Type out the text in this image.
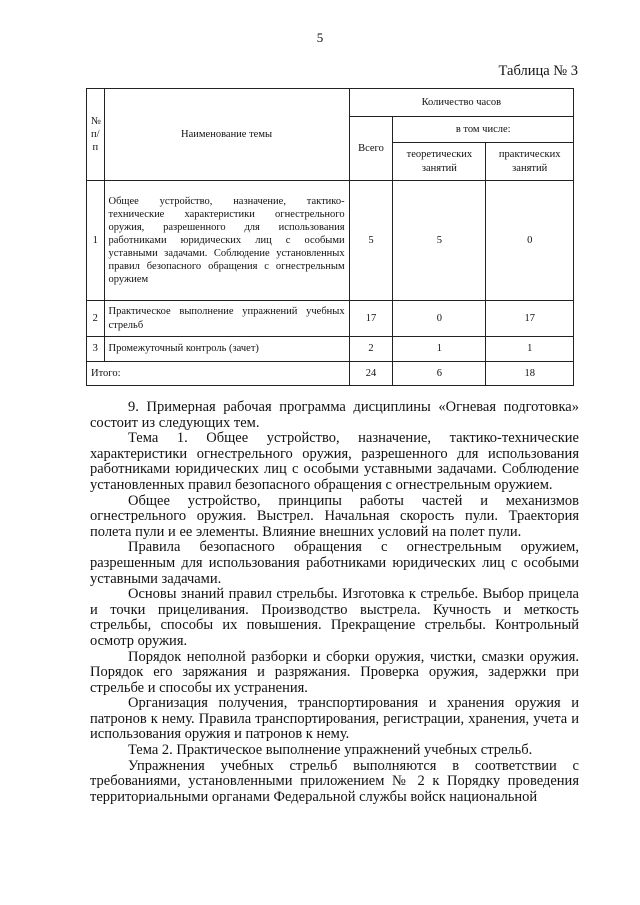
5
Таблица № 3
№ п/п	Наименование темы	Количество часов		
		Всего	в том числе:	
			теоретических занятий	практических занятий
1	Общее устройство, назначение, тактико-технические характеристики огнестрельного оружия, разрешенного для использования работниками юридических лиц с особыми уставными задачами. Соблюдение установленных правил безопасного обращения с огнестрельным оружием	5	5	0
2	Практическое выполнение упражнений учебных стрельб	17	0	17
3	Промежуточный контроль (зачет)	2	1	1
Итого:		24	6	18

9. Примерная рабочая программа дисциплины «Огневая подготовка» состоит из следующих тем.

Тема 1. Общее устройство, назначение, тактико-технические характеристики огнестрельного оружия, разрешенного для использования работниками юридических лиц с особыми уставными задачами. Соблюдение установленных правил безопасного обращения с огнестрельным оружием.

Общее устройство, принципы работы частей и механизмов огнестрельного оружия. Выстрел. Начальная скорость пули. Траектория полета пули и ее элементы. Влияние внешних условий на полет пули.

Правила безопасного обращения с огнестрельным оружием, разрешенным для использования работниками юридических лиц с особыми уставными задачами.

Основы знаний правил стрельбы. Изготовка к стрельбе. Выбор прицела и точки прицеливания. Производство выстрела. Кучность и меткость стрельбы, способы их повышения. Прекращение стрельбы. Контрольный осмотр оружия.

Порядок неполной разборки и сборки оружия, чистки, смазки оружия. Порядок его заряжания и разряжания. Проверка оружия, задержки при стрельбе и способы их устранения.

Организация получения, транспортирования и хранения оружия и патронов к нему. Правила транспортирования, регистрации, хранения, учета и использования оружия и патронов к нему.

Тема 2. Практическое выполнение упражнений учебных стрельб.

Упражнения учебных стрельб выполняются в соответствии с требованиями, установленными приложением № 2 к Порядку проведения территориальными органами Федеральной службы войск национальной
